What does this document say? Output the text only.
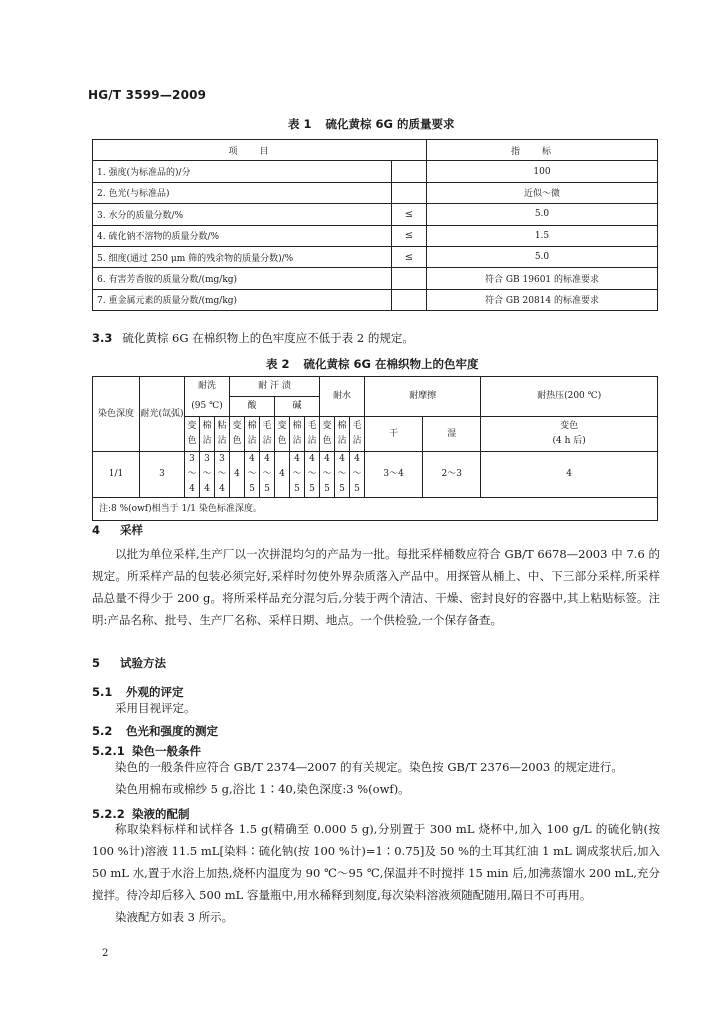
HG/T 3599—2009
表 1 硫化黄棕 6G 的质量要求
项目		指标
1. 强度(为标准品的)/分		100
2. 色光(与标准品)		近似～微
3. 水分的质量分数/%	≤	5.0
4. 硫化钠不溶物的质量分数/%	≤	1.5
5. 细度(通过 250 μm 筛的残余物的质量分数)/%	≤	5.0
6. 有害芳香胺的质量分数/(mg/kg)		符合 GB 19601 的标准要求
7. 重金属元素的质量分数/(mg/kg)		符合 GB 20814 的标准要求
3.3 硫化黄棕 6G 在棉织物上的色牢度应不低于表 2 的规定。
表 2 硫化黄棕 6G 在棉织物上的色牢度
染色深度	耐光(氙弧)	耐洗			耐 汗 渍						耐水			耐摩擦		耐热压(200 ℃)
		(95 ℃)			酸			碱								
		变色	棉沾	粘沾	变色	棉沾	毛沾	变色	棉沾	毛沾	变色	棉沾	毛沾	干	湿	变色
(4 h 后)
1/1	3	3～4	3～4	3～4	4	4～5	4～5	4	4～5	4～5	4～5	4～5	4～5	3～4	2～3	4
注:8 %(owf)相当于 1/1 染色标准深度。																
4 采样
以批为单位采样,生产厂以一次拼混均匀的产品为一批。每批采样桶数应符合 GB/T 6678—2003 中 7.6 的规定。所采样产品的包装必须完好,采样时勿使外界杂质落入产品中。用探管从桶上、中、下三部分采样,所采样品总量不得少于 200 g。将所采样品充分混匀后,分装于两个清洁、干燥、密封良好的容器中,其上粘贴标签。注明:产品名称、批号、生产厂名称、采样日期、地点。一个供检验,一个保存备查。
5 试验方法
5.1 外观的评定
采用目视评定。
5.2 色光和强度的测定
5.2.1 染色一般条件
染色的一般条件应符合 GB/T 2374—2007 的有关规定。染色按 GB/T 2376—2003 的规定进行。
染色用棉布或棉纱 5 g,浴比 1∶40,染色深度:3 %(owf)。
5.2.2 染液的配制
称取染料标样和试样各 1.5 g(精确至 0.000 5 g),分别置于 300 mL 烧杯中,加入 100 g/L 的硫化钠(按 100 %计)溶液 11.5 mL[染料∶硫化钠(按 100 %计)=1∶0.75]及 50 %的土耳其红油 1 mL 调成浆状后,加入 50 mL 水,置于水浴上加热,烧杯内温度为 90 ℃～95 ℃,保温并不时搅拌 15 min 后,加沸蒸馏水 200 mL,充分搅拌。待冷却后移入 500 mL 容量瓶中,用水稀释到刻度,每次染料溶液须随配随用,隔日不可再用。
染液配方如表 3 所示。
2
